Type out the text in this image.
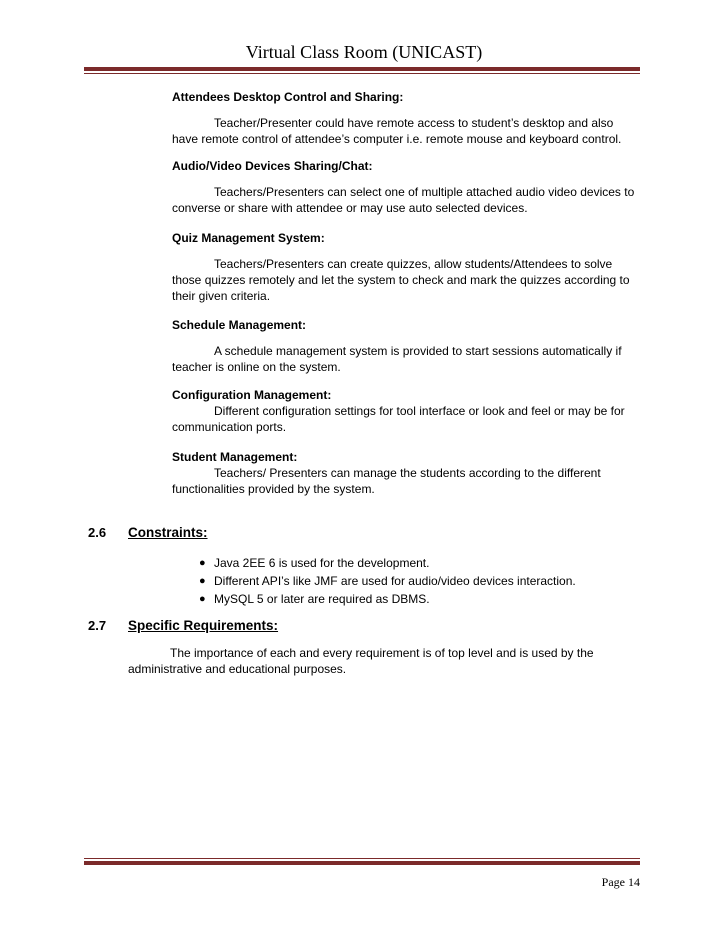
Virtual Class Room (UNICAST)
Attendees Desktop Control and Sharing:
Teacher/Presenter could have remote access to student’s desktop and also have remote control of attendee’s computer i.e. remote mouse and keyboard control.
Audio/Video Devices Sharing/Chat:
Teachers/Presenters can select one of multiple attached audio video devices to converse or share with attendee or may use auto selected devices.
Quiz Management System:
Teachers/Presenters can create quizzes, allow students/Attendees to solve those quizzes remotely and let the system to check and mark the quizzes according to their given criteria.
Schedule Management:
A schedule management system is provided to start sessions automatically if teacher is online on the system.
Configuration Management:
Different configuration settings for tool interface or look and feel or may be for communication ports.
Student Management:
Teachers/ Presenters can manage the students according to the different functionalities provided by the system.
2.6 Constraints:
● Java 2EE 6 is used for the development.
● Different API’s like JMF are used for audio/video devices interaction.
● MySQL 5 or later are required as DBMS.
2.7 Specific Requirements:
The importance of each and every requirement is of top level and is used by the administrative and educational purposes.
Page 14
